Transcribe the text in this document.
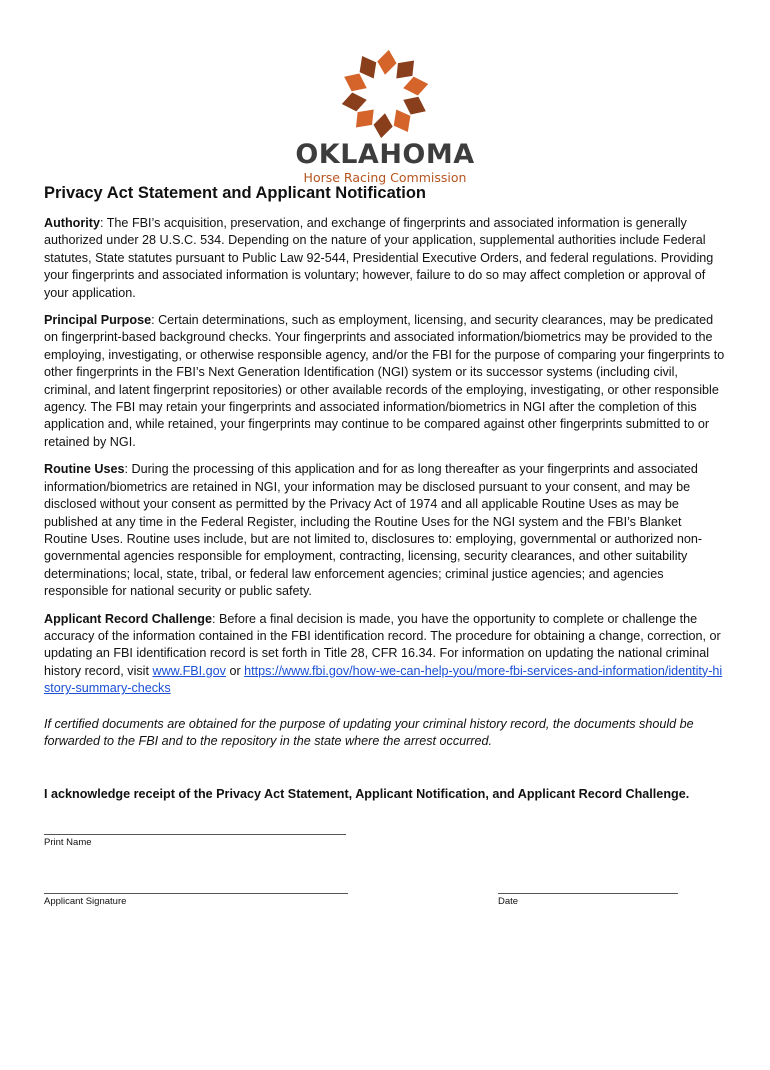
OKLAHOMA
Horse Racing Commission
Privacy Act Statement and Applicant Notification
Authority: The FBI’s acquisition, preservation, and exchange of fingerprints and associated information is generally authorized under 28 U.S.C. 534. Depending on the nature of your application, supplemental authorities include Federal statutes, State statutes pursuant to Public Law 92-544, Presidential Executive Orders, and federal regulations. Providing your fingerprints and associated information is voluntary; however, failure to do so may affect completion or approval of your application.
Principal Purpose: Certain determinations, such as employment, licensing, and security clearances, may be predicated on fingerprint-based background checks. Your fingerprints and associated information/biometrics may be provided to the employing, investigating, or otherwise responsible agency, and/or the FBI for the purpose of comparing your fingerprints to other fingerprints in the FBI’s Next Generation Identification (NGI) system or its successor systems (including civil, criminal, and latent fingerprint repositories) or other available records of the employing, investigating, or other responsible agency. The FBI may retain your fingerprints and associated information/biometrics in NGI after the completion of this application and, while retained, your fingerprints may continue to be compared against other fingerprints submitted to or retained by NGI.
Routine Uses: During the processing of this application and for as long thereafter as your fingerprints and associated information/biometrics are retained in NGI, your information may be disclosed pursuant to your consent, and may be disclosed without your consent as permitted by the Privacy Act of 1974 and all applicable Routine Uses as may be published at any time in the Federal Register, including the Routine Uses for the NGI system and the FBI’s Blanket Routine Uses. Routine uses include, but are not limited to, disclosures to: employing, governmental or authorized non-governmental agencies responsible for employment, contracting, licensing, security clearances, and other suitability determinations; local, state, tribal, or federal law enforcement agencies; criminal justice agencies; and agencies responsible for national security or public safety.
Applicant Record Challenge: Before a final decision is made, you have the opportunity to complete or challenge the accuracy of the information contained in the FBI identification record. The procedure for obtaining a change, correction, or updating an FBI identification record is set forth in Title 28, CFR 16.34. For information on updating the national criminal history record, visit www.FBI.gov or https://www.fbi.gov/how-we-can-help-you/more-fbi-services-and-information/identity-history-summary-checks
If certified documents are obtained for the purpose of updating your criminal history record, the documents should be forwarded to the FBI and to the repository in the state where the arrest occurred.
I acknowledge receipt of the Privacy Act Statement, Applicant Notification, and Applicant Record Challenge.
Print Name
Applicant Signature	Date
